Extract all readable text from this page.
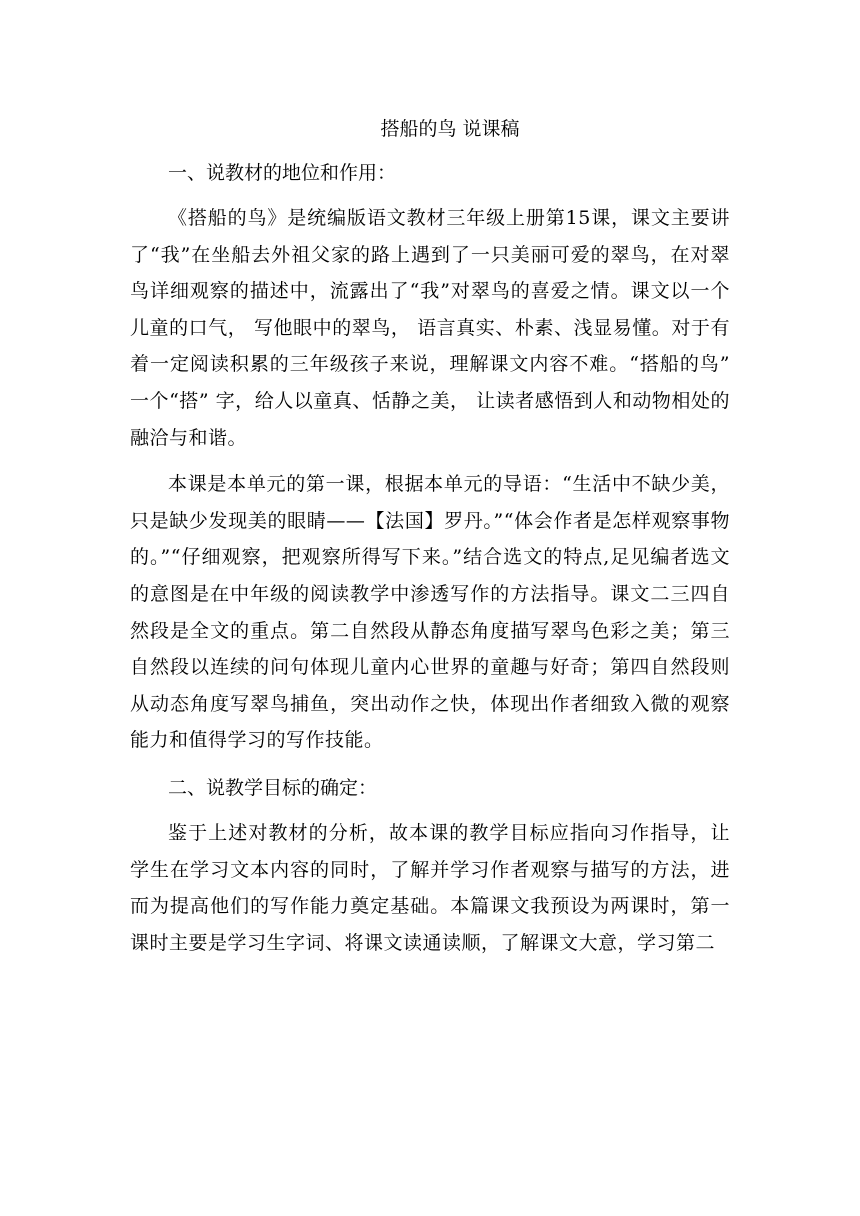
搭船的鸟 说课稿
一、说教材的地位和作用：

《搭船的鸟》是统编版语文教材三年级上册第15课，课文主要讲了“我”在坐船去外祖父家的路上遇到了一只美丽可爱的翠鸟，在对翠鸟详细观察的描述中，流露出了“我”对翠鸟的喜爱之情。课文以一个儿童的口气， 写他眼中的翠鸟， 语言真实、朴素、浅显易懂。对于有着一定阅读积累的三年级孩子来说，理解课文内容不难。“搭船的鸟” 一个“搭” 字，给人以童真、恬静之美， 让读者感悟到人和动物相处的融洽与和谐。

本课是本单元的第一课，根据本单元的导语：“生活中不缺少美，只是缺少发现美的眼睛——【法国】罗丹。”“体会作者是怎样观察事物的。”“仔细观察，把观察所得写下来。”结合选文的特点,足见编者选文的意图是在中年级的阅读教学中渗透写作的方法指导。课文二三四自然段是全文的重点。第二自然段从静态角度描写翠鸟色彩之美；第三自然段以连续的问句体现儿童内心世界的童趣与好奇；第四自然段则从动态角度写翠鸟捕鱼，突出动作之快，体现出作者细致入微的观察能力和值得学习的写作技能。

二、说教学目标的确定：

鉴于上述对教材的分析，故本课的教学目标应指向习作指导，让学生在学习文本内容的同时，了解并学习作者观察与描写的方法，进而为提高他们的写作能力奠定基础。本篇课文我预设为两课时，第一课时主要是学习生字词、将课文读通读顺，了解课文大意，学习第二
